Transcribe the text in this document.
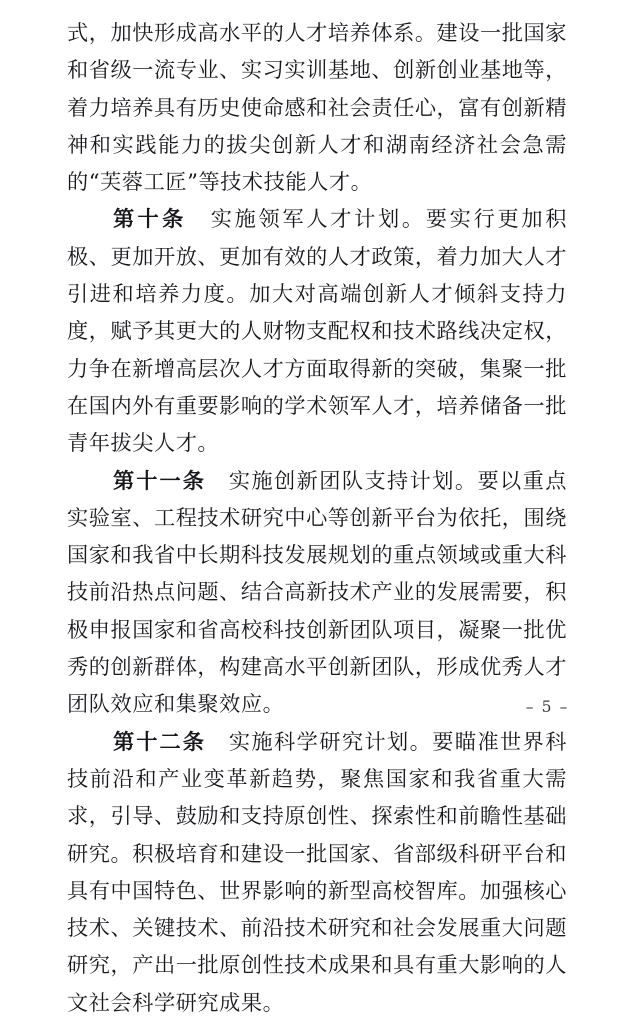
式，加快形成高水平的人才培养体系。建设一批国家和省级一流专业、实习实训基地、创新创业基地等，着力培养具有历史使命感和社会责任心，富有创新精神和实践能力的拔尖创新人才和湖南经济社会急需的“芙蓉工匠”等技术技能人才。

第十条 实施领军人才计划。要实行更加积极、更加开放、更加有效的人才政策，着力加大人才引进和培养力度。加大对高端创新人才倾斜支持力度，赋予其更大的人财物支配权和技术路线决定权，力争在新增高层次人才方面取得新的突破，集聚一批在国内外有重要影响的学术领军人才，培养储备一批青年拔尖人才。

第十一条 实施创新团队支持计划。要以重点实验室、工程技术研究中心等创新平台为依托，围绕国家和我省中长期科技发展规划的重点领域或重大科技前沿热点问题、结合高新技术产业的发展需要，积极申报国家和省高校科技创新团队项目，凝聚一批优秀的创新群体，构建高水平创新团队，形成优秀人才团队效应和集聚效应。

第十二条 实施科学研究计划。要瞄准世界科技前沿和产业变革新趋势，聚焦国家和我省重大需求，引导、鼓励和支持原创性、探索性和前瞻性基础研究。积极培育和建设一批国家、省部级科研平台和具有中国特色、世界影响的新型高校智库。加强核心技术、关键技术、前沿技术研究和社会发展重大问题研究，产出一批原创性技术成果和具有重大影响的人文社会科学研究成果。

– 5 –
